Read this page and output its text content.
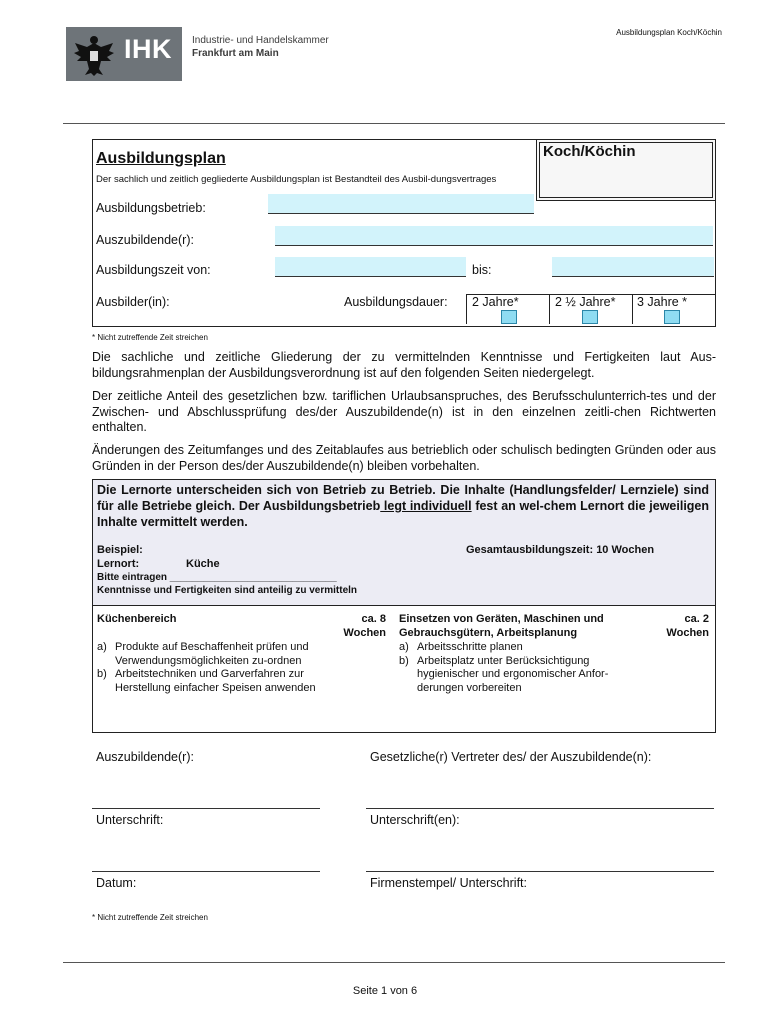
Ausbildungsplan Koch/Köchin
IHK Industrie- und Handelskammer
Frankfurt am Main
Koch/Köchin
Ausbildungsplan
Der sachlich und zeitlich gegliederte Ausbildungsplan ist Bestandteil des Ausbil-dungsvertrages
Ausbildungsbetrieb:
Auszubildende(r):
Ausbildungszeit von:	bis:
Ausbilder(in):	Ausbildungsdauer: 2 Jahre*	2 ½ Jahre* 3 Jahre *
* Nicht zutreffende Zeit streichen
Die sachliche und zeitliche Gliederung der zu vermittelnden Kenntnisse und Fertigkeiten laut Aus-bildungsrahmenplan der Ausbildungsverordnung ist auf den folgenden Seiten niedergelegt.
Der zeitliche Anteil des gesetzlichen bzw. tariflichen Urlaubsanspruches, des Berufsschulunterrich-tes und der Zwischen- und Abschlussprüfung des/der Auszubildende(n) ist in den einzelnen zeitli-chen Richtwerten enthalten.
Änderungen des Zeitumfanges und des Zeitablaufes aus betrieblich oder schulisch bedingten Gründen oder aus Gründen in der Person des/der Auszubildende(n) bleiben vorbehalten.
Die Lernorte unterscheiden sich von Betrieb zu Betrieb. Die Inhalte (Handlungsfelder/ Lernziele) sind für alle Betriebe gleich. Der Ausbildungsbetrieb legt individuell fest an wel-chem Lernort die jeweiligen Inhalte vermittelt werden.
Beispiel:	Gesamtausbildungszeit: 10 Wochen
Lernort:	Küche
Bitte eintragen ______________________________
Kenntnisse und Fertigkeiten sind anteilig zu vermitteln
Küchenbereich	ca. 8
Wochen
a) Produkte auf Beschaffenheit prüfen und Verwendungsmöglichkeiten zu-ordnen
b) Arbeitstechniken und Garverfahren zur Herstellung einfacher Speisen anwenden
Einsetzen von Geräten, Maschinen und
Gebrauchsgütern, Arbeitsplanung
ca. 2
Wochen
a) Arbeitsschritte planen
b) Arbeitsplatz unter Berücksichtigung hygienischer und ergonomischer Anfor-derungen vorbereiten
Auszubildende(r):	Gesetzliche(r) Vertreter des/ der Auszubildende(n):
Unterschrift:	Unterschrift(en):
Datum:	Firmenstempel/ Unterschrift:
* Nicht zutreffende Zeit streichen
Seite 1 von 6
